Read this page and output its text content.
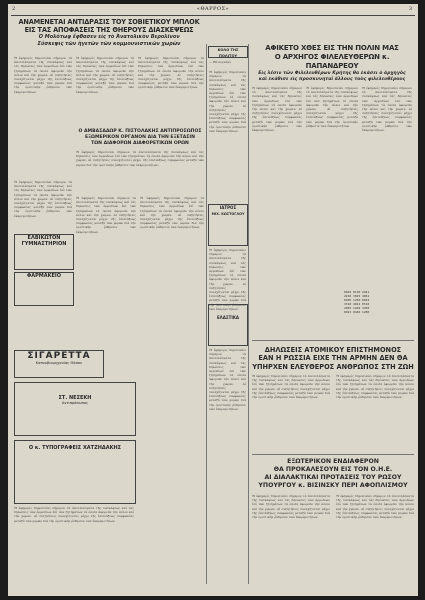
2	«ΘΑΡΡΟΣ»	3
ΑΝΑΜΕΝΕΤΑΙ ΑΝΤΙΔΡΑΣΙΣ ΤΟΥ ΣΟΒΙΕΤΙΚΟΥ ΜΠΛΟΚ
ΕΙΣ ΤΑΣ ΑΠΟΦΑΣΕΙΣ ΤΗΣ ΘΗΕΡΟΥΣ ΔΙΑΣΚΕΨΕΩΣ
Ὁ Μολότωφ ἔφθασεν εἰς τὸ Ἀνατολικὸν Βερολῖνον
Σύσκεψις τῶν ἡγετῶν τῶν κομμουνιστικῶν χωρῶν
Ἡ ἐφημερὶς δημοσιεύει σήμερον τὰ ἀποτελέσματα τῆς συσκέψεως καὶ τὰς δηλώσεις τῶν ἁρμοδίων ἐπὶ τῶν ζητημάτων τὰ ὁποῖα ἀφοροῦν τὴν πόλιν καὶ τὴν χώραν. Αἱ συζητήσεις συνεχίζονται μέχρι τῆς ἐπιτεύξεως συμφωνίας μεταξὺ τῶν μερῶν διὰ τὴν ὁριστικὴν ῥύθμισιν τῶν ἐκκρεμοτήτων.
Ἡ ἐφημερὶς δημοσιεύει σήμερον τὰ ἀποτελέσματα τῆς συσκέψεως καὶ τὰς δηλώσεις τῶν ἁρμοδίων ἐπὶ τῶν ζητημάτων τὰ ὁποῖα ἀφοροῦν τὴν πόλιν καὶ τὴν χώραν. Αἱ συζητήσεις συνεχίζονται μέχρι τῆς ἐπιτεύξεως συμφωνίας μεταξὺ τῶν μερῶν διὰ τὴν ὁριστικὴν ῥύθμισιν τῶν ἐκκρεμοτήτων.
Ἡ ἐφημερὶς δημοσιεύει σήμερον τὰ ἀποτελέσματα τῆς συσκέψεως καὶ τὰς δηλώσεις τῶν ἁρμοδίων ἐπὶ τῶν ζητημάτων τὰ ὁποῖα ἀφοροῦν τὴν πόλιν καὶ τὴν χώραν. Αἱ συζητήσεις συνεχίζονται μέχρι τῆς ἐπιτεύξεως συμφωνίας μεταξὺ τῶν μερῶν διὰ τὴν ὁριστικὴν ῥύθμισιν τῶν ἐκκρεμοτήτων.
Ο ΑΜΒΑΣΑΔΩΡ Κ. ΠΙΣΤΟΛΑΚΗΣ ΑΝΤΙΠΡΟΣΩΠΟΣ
ΕΞΩΜΕΡΙΚΟΝ ΟΡΓΑΝΟΝ ΔΙΑ ΤΗΝ ΕΞΕΤΑΣΙΝ
ΤΩΝ ΔΙΑΦΟΡΩΝ ΔΙΑΦΟΡΕΤΙΚΩΝ ΟΡΩΝ
Ἡ ἐφημερὶς δημοσιεύει σήμερον τὰ ἀποτελέσματα τῆς συσκέψεως καὶ τὰς δηλώσεις τῶν ἁρμοδίων ἐπὶ τῶν ζητημάτων τὰ ὁποῖα ἀφοροῦν τὴν πόλιν καὶ τὴν χώραν. Αἱ συζητήσεις συνεχίζονται μέχρι τῆς ἐπιτεύξεως συμφωνίας μεταξὺ τῶν μερῶν διὰ τὴν ὁριστικὴν ῥύθμισιν τῶν ἐκκρεμοτήτων.
Ἡ ἐφημερὶς δημοσιεύει σήμερον τὰ ἀποτελέσματα τῆς συσκέψεως καὶ τὰς δηλώσεις τῶν ἁρμοδίων ἐπὶ τῶν ζητημάτων τὰ ὁποῖα ἀφοροῦν τὴν πόλιν καὶ τὴν χώραν. Αἱ συζητήσεις συνεχίζονται μέχρι τῆς ἐπιτεύξεως συμφωνίας μεταξὺ τῶν μερῶν διὰ τὴν ὁριστικὴν ῥύθμισιν τῶν ἐκκρεμοτήτων.
ΕΛΒΙΚΩΤΟΝ ΓΥΜΝΑΣΤΗΡΙΟΝ
ΦΑΡΜΑΚΕΙΟ
Ἡ ἐφημερὶς δημοσιεύει σήμερον τὰ ἀποτελέσματα τῆς συσκέψεως καὶ τὰς δηλώσεις τῶν ἁρμοδίων ἐπὶ τῶν ζητημάτων τὰ ὁποῖα ἀφοροῦν τὴν πόλιν καὶ τὴν χώραν. Αἱ συζητήσεις συνεχίζονται μέχρι τῆς ἐπιτεύξεως συμφωνίας μεταξὺ τῶν μερῶν διὰ τὴν ὁριστικὴν ῥύθμισιν τῶν ἐκκρεμοτήτων.
Ἡ ἐφημερὶς δημοσιεύει σήμερον τὰ ἀποτελέσματα τῆς συσκέψεως καὶ τὰς δηλώσεις τῶν ἁρμοδίων ἐπὶ τῶν ζητημάτων τὰ ὁποῖα ἀφοροῦν τὴν πόλιν καὶ τὴν χώραν. Αἱ συζητήσεις συνεχίζονται μέχρι τῆς ἐπιτεύξεως συμφωνίας μεταξὺ τῶν μερῶν διὰ τὴν ὁριστικὴν ῥύθμισιν τῶν ἐκκρεμοτήτων.
ΣΙΓΑΡΕΤΤΑ
Καπνοβιομηχανίας Θάσου
ΣΤ. ΝΕΣΕΚΗ
Αντιπρόσωπος
Ο κ. ΤΥΠΟΓΡΑΦΕΙΣ ΧΑΤΖΗΔΑΚΗΣ
Ἡ ἐφημερὶς δημοσιεύει σήμερον τὰ ἀποτελέσματα τῆς συσκέψεως καὶ τὰς δηλώσεις τῶν ἁρμοδίων ἐπὶ τῶν ζητημάτων τὰ ὁποῖα ἀφοροῦν τὴν πόλιν καὶ τὴν χώραν. Αἱ συζητήσεις συνεχίζονται μέχρι τῆς ἐπιτεύξεως συμφωνίας μεταξὺ τῶν μερῶν διὰ τὴν ὁριστικὴν ῥύθμισιν τῶν ἐκκρεμοτήτων.
ΚΟΛΟ ΤΗΣ ΠΟΛΙΤΟΥ
— Θὰ περνάμε
Ἡ ἐφημερὶς δημοσιεύει σήμερον τὰ ἀποτελέσματα τῆς συσκέψεως καὶ τὰς δηλώσεις τῶν ἁρμοδίων ἐπὶ τῶν ζητημάτων τὰ ὁποῖα ἀφοροῦν τὴν πόλιν καὶ τὴν χώραν. Αἱ συζητήσεις συνεχίζονται μέχρι τῆς ἐπιτεύξεως συμφωνίας μεταξὺ τῶν μερῶν διὰ τὴν ὁριστικὴν ῥύθμισιν τῶν ἐκκρεμοτήτων.
ΙΑΤΡΟΣ
ΜΙΧ. ΚΩΣΤΟΓΛΟΥ
ΕΛΑΣΤΙΚΑ
Ἡ ἐφημερὶς δημοσιεύει σήμερον τὰ ἀποτελέσματα τῆς συσκέψεως καὶ τὰς δηλώσεις τῶν ἁρμοδίων ἐπὶ τῶν ζητημάτων τὰ ὁποῖα ἀφοροῦν τὴν πόλιν καὶ τὴν χώραν. Αἱ συζητήσεις συνεχίζονται μέχρι τῆς ἐπιτεύξεως συμφωνίας μεταξὺ τῶν μερῶν διὰ τὴν ὁριστικὴν ῥύθμισιν τῶν ἐκκρεμοτήτων.
Ἡ ἐφημερὶς δημοσιεύει σήμερον τὰ ἀποτελέσματα τῆς συσκέψεως καὶ τὰς δηλώσεις τῶν ἁρμοδίων ἐπὶ τῶν ζητημάτων τὰ ὁποῖα ἀφοροῦν τὴν πόλιν καὶ τὴν χώραν. Αἱ συζητήσεις συνεχίζονται μέχρι τῆς ἐπιτεύξεως συμφωνίας μεταξὺ τῶν μερῶν διὰ τὴν ὁριστικὴν ῥύθμισιν τῶν ἐκκρεμοτήτων.
ΑΦΙΚΕΤΟ ΧΘΕΣ ΕΙΣ ΤΗΝ ΠΟΛΙΝ ΜΑΣ
Ο ΑΡΧΗΓΟΣ ΦΙΛΕΛΕΥΘΕΡΩΝ κ. ΠΑΠΑΝΔΡΕΟΥ
Εἰς λέσιν τῶν Φιλελευθέρων Κρήτης θα ἐκάσει ὁ ἀρχηγὸς
καὶ ἐκάθισε εἰς προσκυνηταὶ ἄλλους τοὺς φιλελευθέρους
Ἡ ἐφημερὶς δημοσιεύει σήμερον τὰ ἀποτελέσματα τῆς συσκέψεως καὶ τὰς δηλώσεις τῶν ἁρμοδίων ἐπὶ τῶν ζητημάτων τὰ ὁποῖα ἀφοροῦν τὴν πόλιν καὶ τὴν χώραν. Αἱ συζητήσεις συνεχίζονται μέχρι τῆς ἐπιτεύξεως συμφωνίας μεταξὺ τῶν μερῶν διὰ τὴν ὁριστικὴν ῥύθμισιν τῶν ἐκκρεμοτήτων.
Ἡ ἐφημερὶς δημοσιεύει σήμερον τὰ ἀποτελέσματα τῆς συσκέψεως καὶ τὰς δηλώσεις τῶν ἁρμοδίων ἐπὶ τῶν ζητημάτων τὰ ὁποῖα ἀφοροῦν τὴν πόλιν καὶ τὴν χώραν. Αἱ συζητήσεις συνεχίζονται μέχρι τῆς ἐπιτεύξεως συμφωνίας μεταξὺ τῶν μερῶν διὰ τὴν ὁριστικὴν ῥύθμισιν τῶν ἐκκρεμοτήτων.
Ἡ ἐφημερὶς δημοσιεύει σήμερον τὰ ἀποτελέσματα τῆς συσκέψεως καὶ τὰς δηλώσεις τῶν ἁρμοδίων ἐπὶ τῶν ζητημάτων τὰ ὁποῖα ἀφοροῦν τὴν πόλιν καὶ τὴν χώραν. Αἱ συζητήσεις συνεχίζονται μέχρι τῆς ἐπιτεύξεως συμφωνίας μεταξὺ τῶν μερῶν διὰ τὴν ὁριστικὴν ῥύθμισιν τῶν ἐκκρεμοτήτων.
0022 0130 2041
2210 3025 4061
0405 1250 0022
3310 4021 0510
2055 1202 3450
0021 0440 1280
ΔΗΛΩΣΕΙΣ ΑΤΟΜΙΚΟΥ ΕΠΙΣΤΗΜΟΝΟΣ
ΕΑΝ Η ΡΩΣΣΙΑ ΕΙΧΕ ΤΗΝ ΑΡΜΗΝ ΔΕΝ ΘΑ
ΥΠΗΡΧΕΝ ΕΛΕΥΘΕΡΟΣ ΑΝΘΡΩΠΟΣ ΣΤΗ ΖΩΗ
Ἡ ἐφημερὶς δημοσιεύει σήμερον τὰ ἀποτελέσματα τῆς συσκέψεως καὶ τὰς δηλώσεις τῶν ἁρμοδίων ἐπὶ τῶν ζητημάτων τὰ ὁποῖα ἀφοροῦν τὴν πόλιν καὶ τὴν χώραν. Αἱ συζητήσεις συνεχίζονται μέχρι τῆς ἐπιτεύξεως συμφωνίας μεταξὺ τῶν μερῶν διὰ τὴν ὁριστικὴν ῥύθμισιν τῶν ἐκκρεμοτήτων.
Ἡ ἐφημερὶς δημοσιεύει σήμερον τὰ ἀποτελέσματα τῆς συσκέψεως καὶ τὰς δηλώσεις τῶν ἁρμοδίων ἐπὶ τῶν ζητημάτων τὰ ὁποῖα ἀφοροῦν τὴν πόλιν καὶ τὴν χώραν. Αἱ συζητήσεις συνεχίζονται μέχρι τῆς ἐπιτεύξεως συμφωνίας μεταξὺ τῶν μερῶν διὰ τὴν ὁριστικὴν ῥύθμισιν τῶν ἐκκρεμοτήτων.
ΕΞΩΤΕΡΙΚΟΝ ΕΝΔΙΑΦΕΡΟΝ
ΘΑ ΠΡΟΚΑΛΕΣΟΥΝ ΕΙΣ ΤΟΝ Ο.Η.Ε.
ΑΙ ΔΙΑΛΑΚΤΙΚΑΙ ΠΡΟΤΑΣΕΙΣ ΤΟΥ ΡΩΣΟΥ
ΥΠΟΥΡΓΟΥ κ. ΒΙΣΙΝΣΚΥ ΠΕΡΙ ΑΦΟΠΛΙΣΜΟΥ
Ἡ ἐφημερὶς δημοσιεύει σήμερον τὰ ἀποτελέσματα τῆς συσκέψεως καὶ τὰς δηλώσεις τῶν ἁρμοδίων ἐπὶ τῶν ζητημάτων τὰ ὁποῖα ἀφοροῦν τὴν πόλιν καὶ τὴν χώραν. Αἱ συζητήσεις συνεχίζονται μέχρι τῆς ἐπιτεύξεως συμφωνίας μεταξὺ τῶν μερῶν διὰ τὴν ὁριστικὴν ῥύθμισιν τῶν ἐκκρεμοτήτων.
Ἡ ἐφημερὶς δημοσιεύει σήμερον τὰ ἀποτελέσματα τῆς συσκέψεως καὶ τὰς δηλώσεις τῶν ἁρμοδίων ἐπὶ τῶν ζητημάτων τὰ ὁποῖα ἀφοροῦν τὴν πόλιν καὶ τὴν χώραν. Αἱ συζητήσεις συνεχίζονται μέχρι τῆς ἐπιτεύξεως συμφωνίας μεταξὺ τῶν μερῶν διὰ τὴν ὁριστικὴν ῥύθμισιν τῶν ἐκκρεμοτήτων.
